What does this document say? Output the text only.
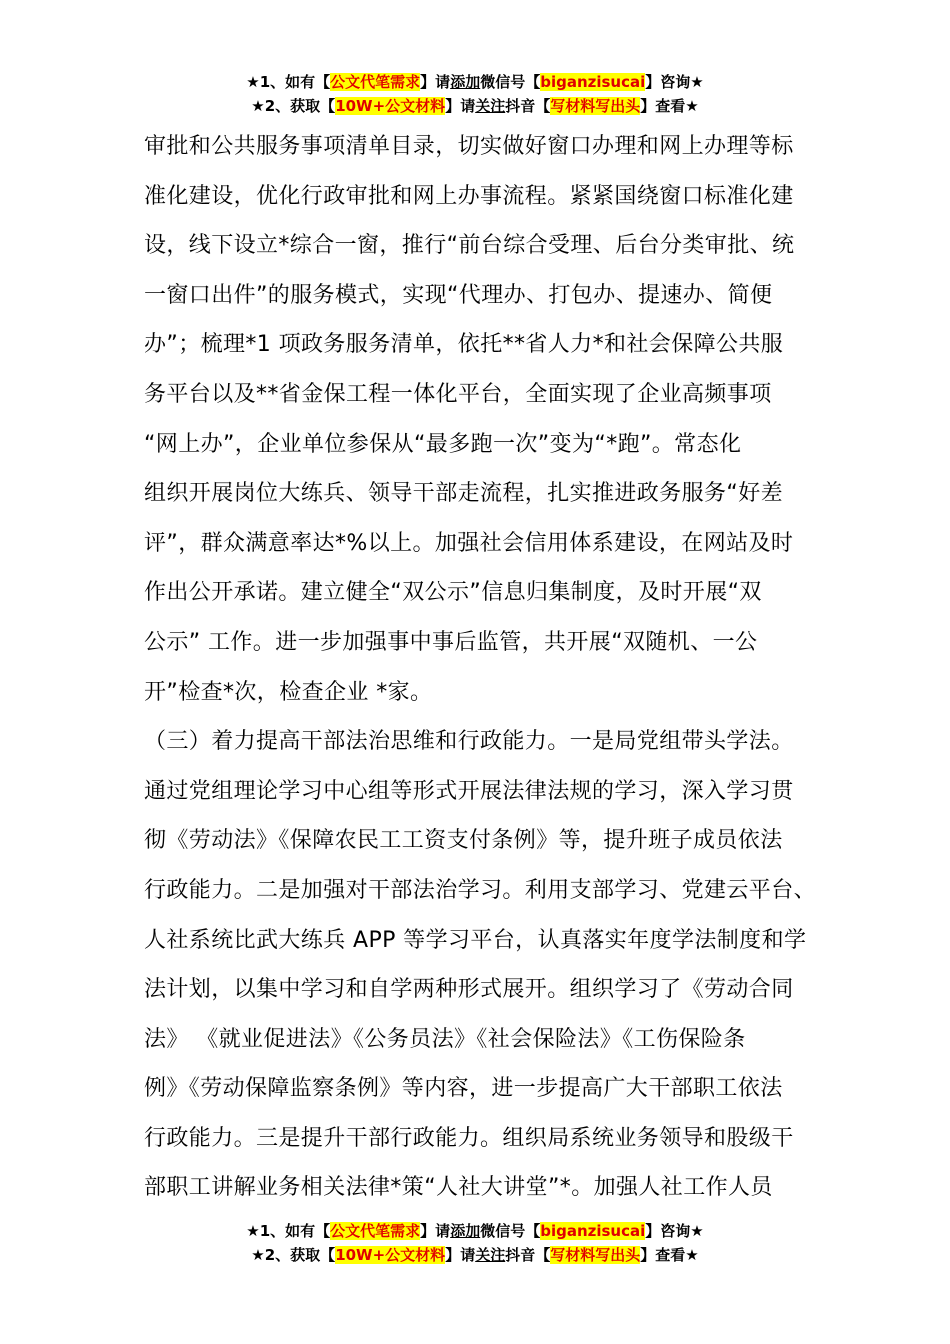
★1、如有【公文代笔需求】请添加微信号【biganzisucai】咨询★
★2、获取【10W+公文材料】请关注抖音【写材料写出头】查看★
审批和公共服务事项清单目录，切实做好窗口办理和网上办理等标
准化建设，优化行政审批和网上办事流程。紧紧国绕窗口标准化建
设，线下设立*综合一窗，推行“前台综合受理、后台分类审批、统
一窗口出件”的服务模式，实现“代理办、打包办、提速办、简便
办”；梳理*1 项政务服务清单，依托**省人力*和社会保障公共服
务平台以及**省金保工程一体化平台，全面实现了企业高频事项
“网上办”，企业单位参保从“最多跑一次”变为“*跑”。常态化
组织开展岗位大练兵、领导干部走流程，扎实推进政务服务“好差
评”，群众满意率达*%以上。加强社会信用体系建设，在网站及时
作出公开承诺。建立健全“双公示”信息归集制度，及时开展“双
公示” 工作。进一步加强事中事后监管，共开展“双随机、一公
开”检查*次，检查企业 *家。
（三）着力提高干部法治思维和行政能力。一是局党组带头学法。
通过党组理论学习中心组等形式开展法律法规的学习，深入学习贯
彻《劳动法》《保障农民工工资支付条例》等，提升班子成员依法
行政能力。二是加强对干部法治学习。利用支部学习、党建云平台、
人社系统比武大练兵 APP 等学习平台，认真落实年度学法制度和学
法计划，以集中学习和自学两种形式展开。组织学习了《劳动合同
法》 《就业促进法》《公务员法》《社会保险法》《工伤保险条
例》《劳动保障监察条例》等内容，进一步提高广大干部职工依法
行政能力。三是提升干部行政能力。组织局系统业务领导和股级干
部职工讲解业务相关法律*策“人社大讲堂”*。加强人社工作人员
★1、如有【公文代笔需求】请添加微信号【biganzisucai】咨询★
★2、获取【10W+公文材料】请关注抖音【写材料写出头】查看★
